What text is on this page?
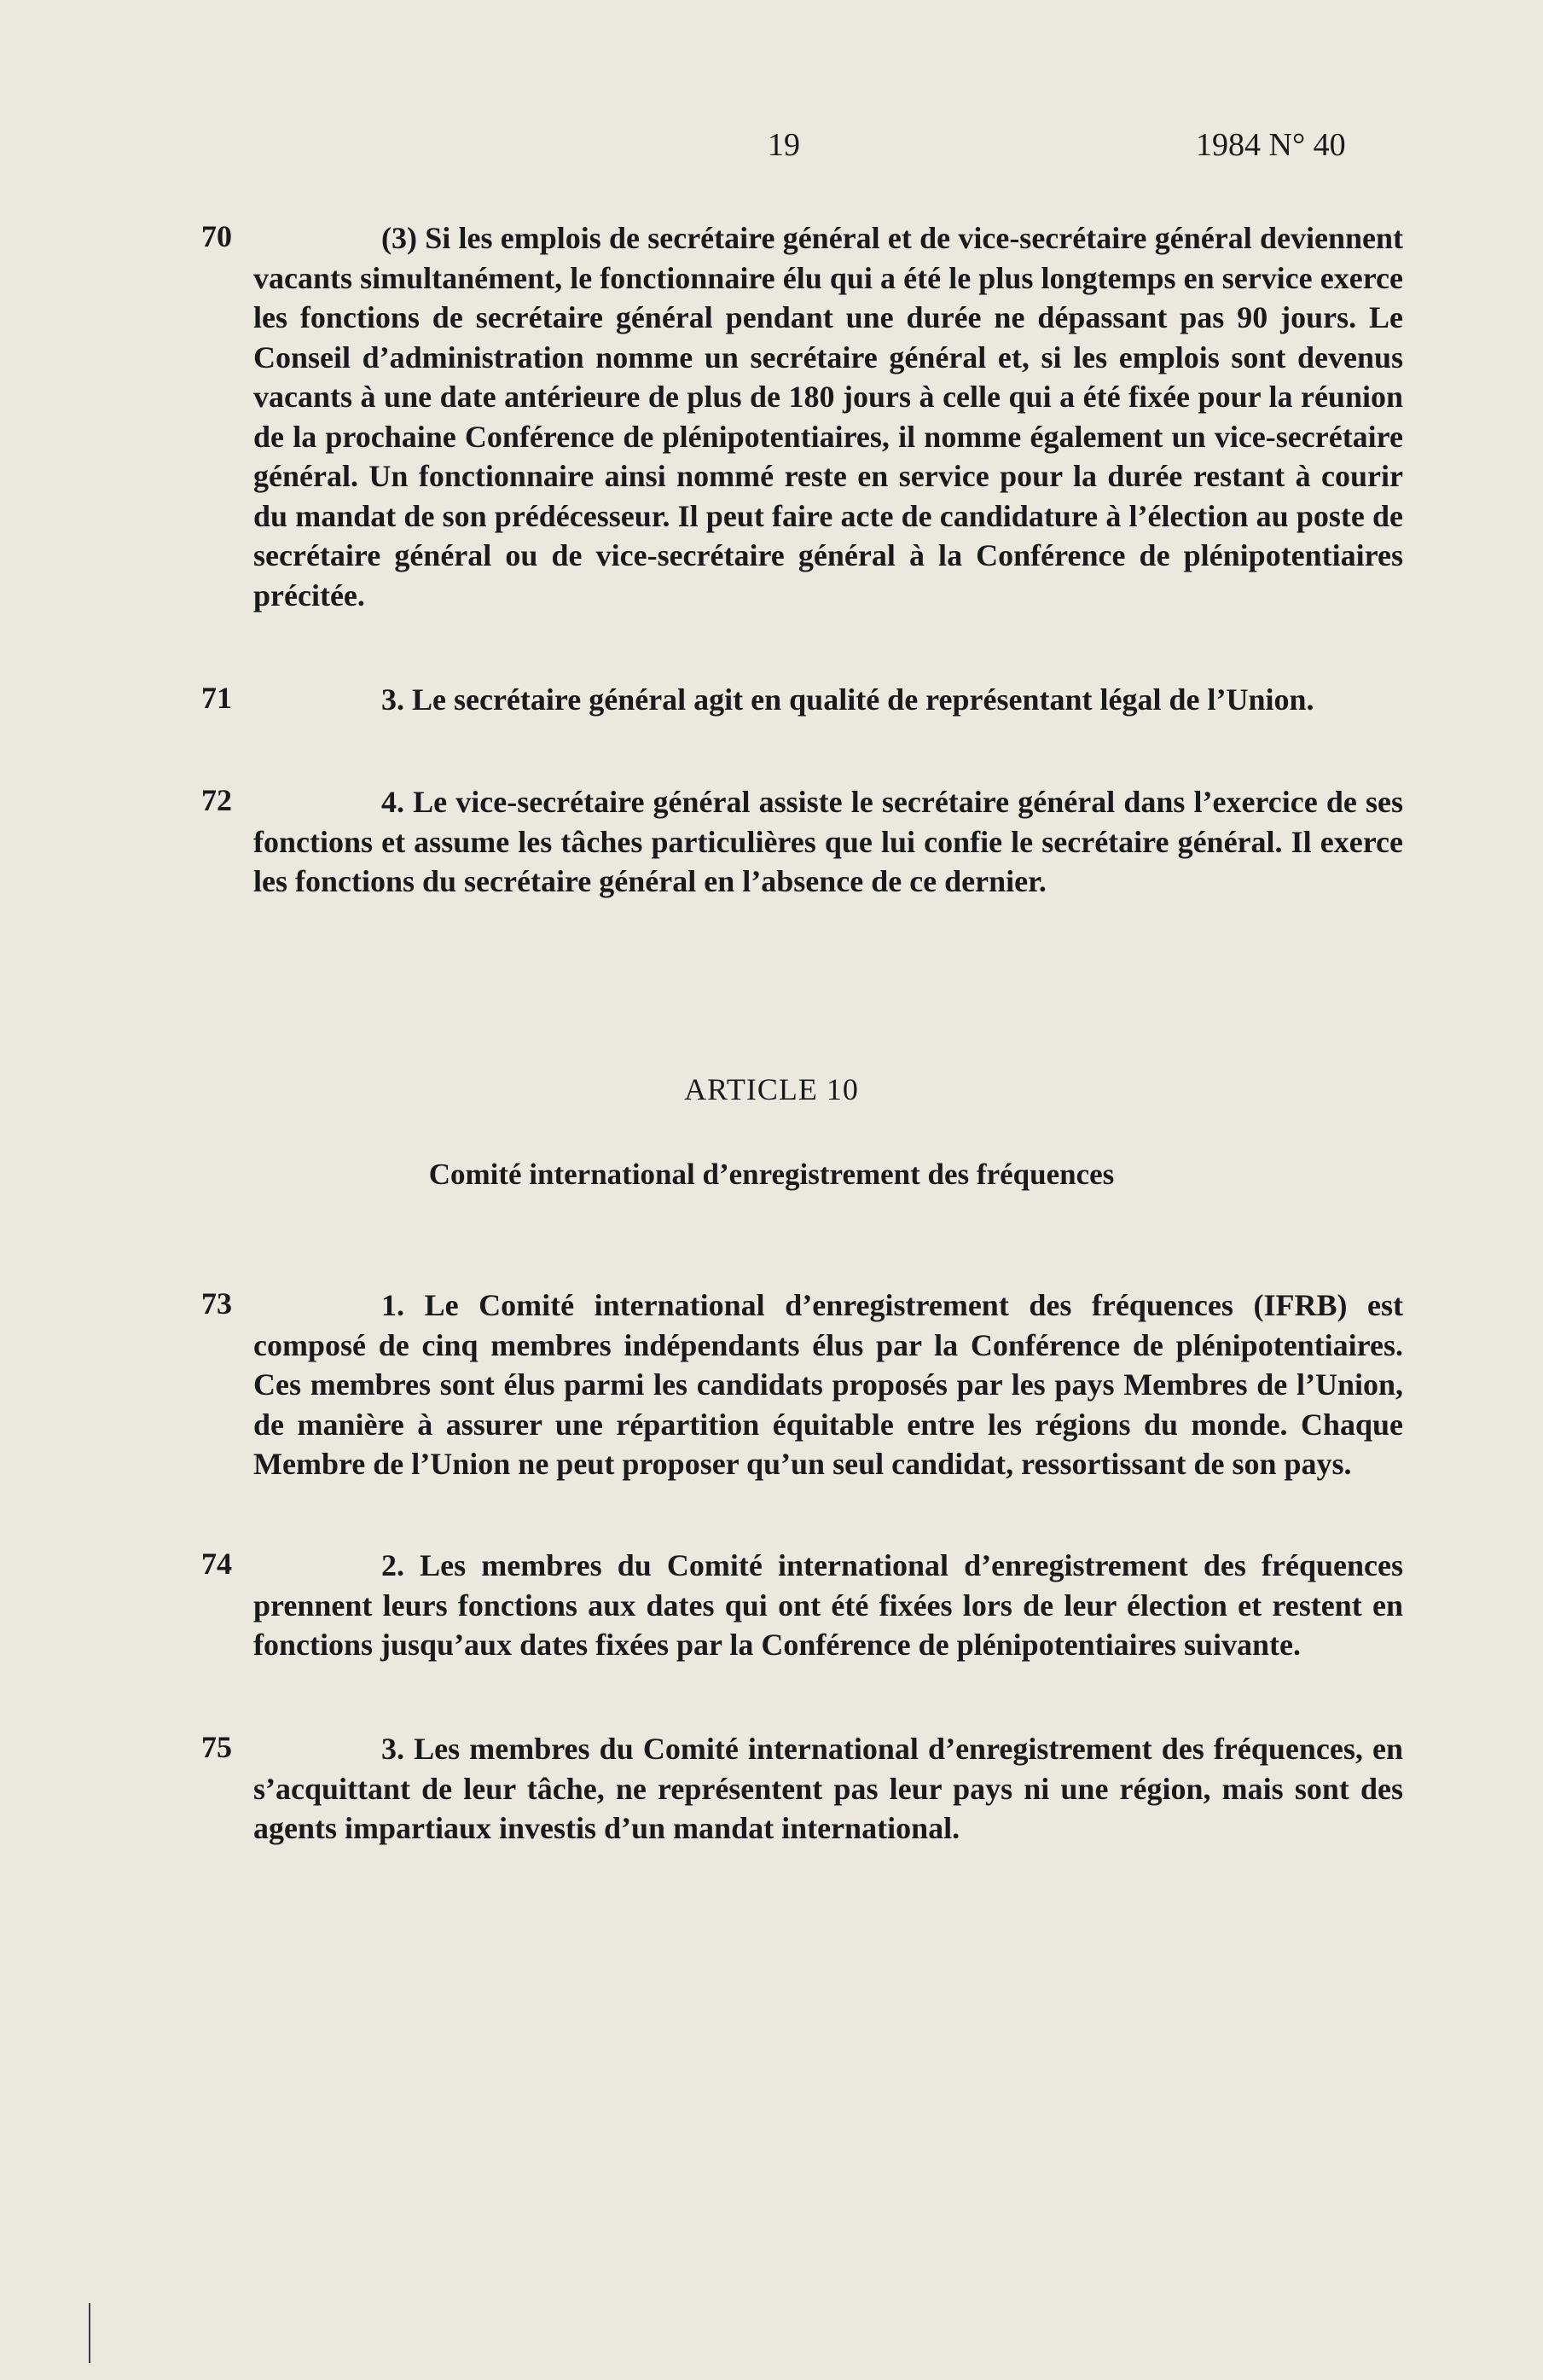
19	1984 N° 40
70	(3) Si les emplois de secrétaire général et de vice-secrétaire général deviennent vacants simultanément, le fonctionnaire élu qui a été le plus longtemps en service exerce les fonctions de secrétaire général pendant une durée ne dépassant pas 90 jours. Le Conseil d’administration nomme un secrétaire général et, si les emplois sont devenus vacants à une date antérieure de plus de 180 jours à celle qui a été fixée pour la réunion de la prochaine Conférence de plénipotentiaires, il nomme également un vice-secrétaire général. Un fonctionnaire ainsi nommé reste en service pour la durée restant à courir du mandat de son prédécesseur. Il peut faire acte de candidature à l’élection au poste de secrétaire général ou de vice-secrétaire général à la Conférence de plénipotentiaires précitée.
71	3. Le secrétaire général agit en qualité de représentant légal de l’Union.
72	4. Le vice-secrétaire général assiste le secrétaire général dans l’exercice de ses fonctions et assume les tâches particulières que lui confie le secrétaire général. Il exerce les fonctions du secrétaire général en l’absence de ce dernier.
ARTICLE 10
Comité international d’enregistrement des fréquences
73	1. Le Comité international d’enregistrement des fréquences (IFRB) est composé de cinq membres indépendants élus par la Conférence de plénipotentiaires. Ces membres sont élus parmi les candidats proposés par les pays Membres de l’Union, de manière à assurer une répartition équitable entre les régions du monde. Chaque Membre de l’Union ne peut proposer qu’un seul candidat, ressortissant de son pays.
74	2. Les membres du Comité international d’enregistrement des fréquences prennent leurs fonctions aux dates qui ont été fixées lors de leur élection et restent en fonctions jusqu’aux dates fixées par la Conférence de plénipotentiaires suivante.
75	3. Les membres du Comité international d’enregistrement des fréquences, en s’acquittant de leur tâche, ne représentent pas leur pays ni une région, mais sont des agents impartiaux investis d’un mandat international.
